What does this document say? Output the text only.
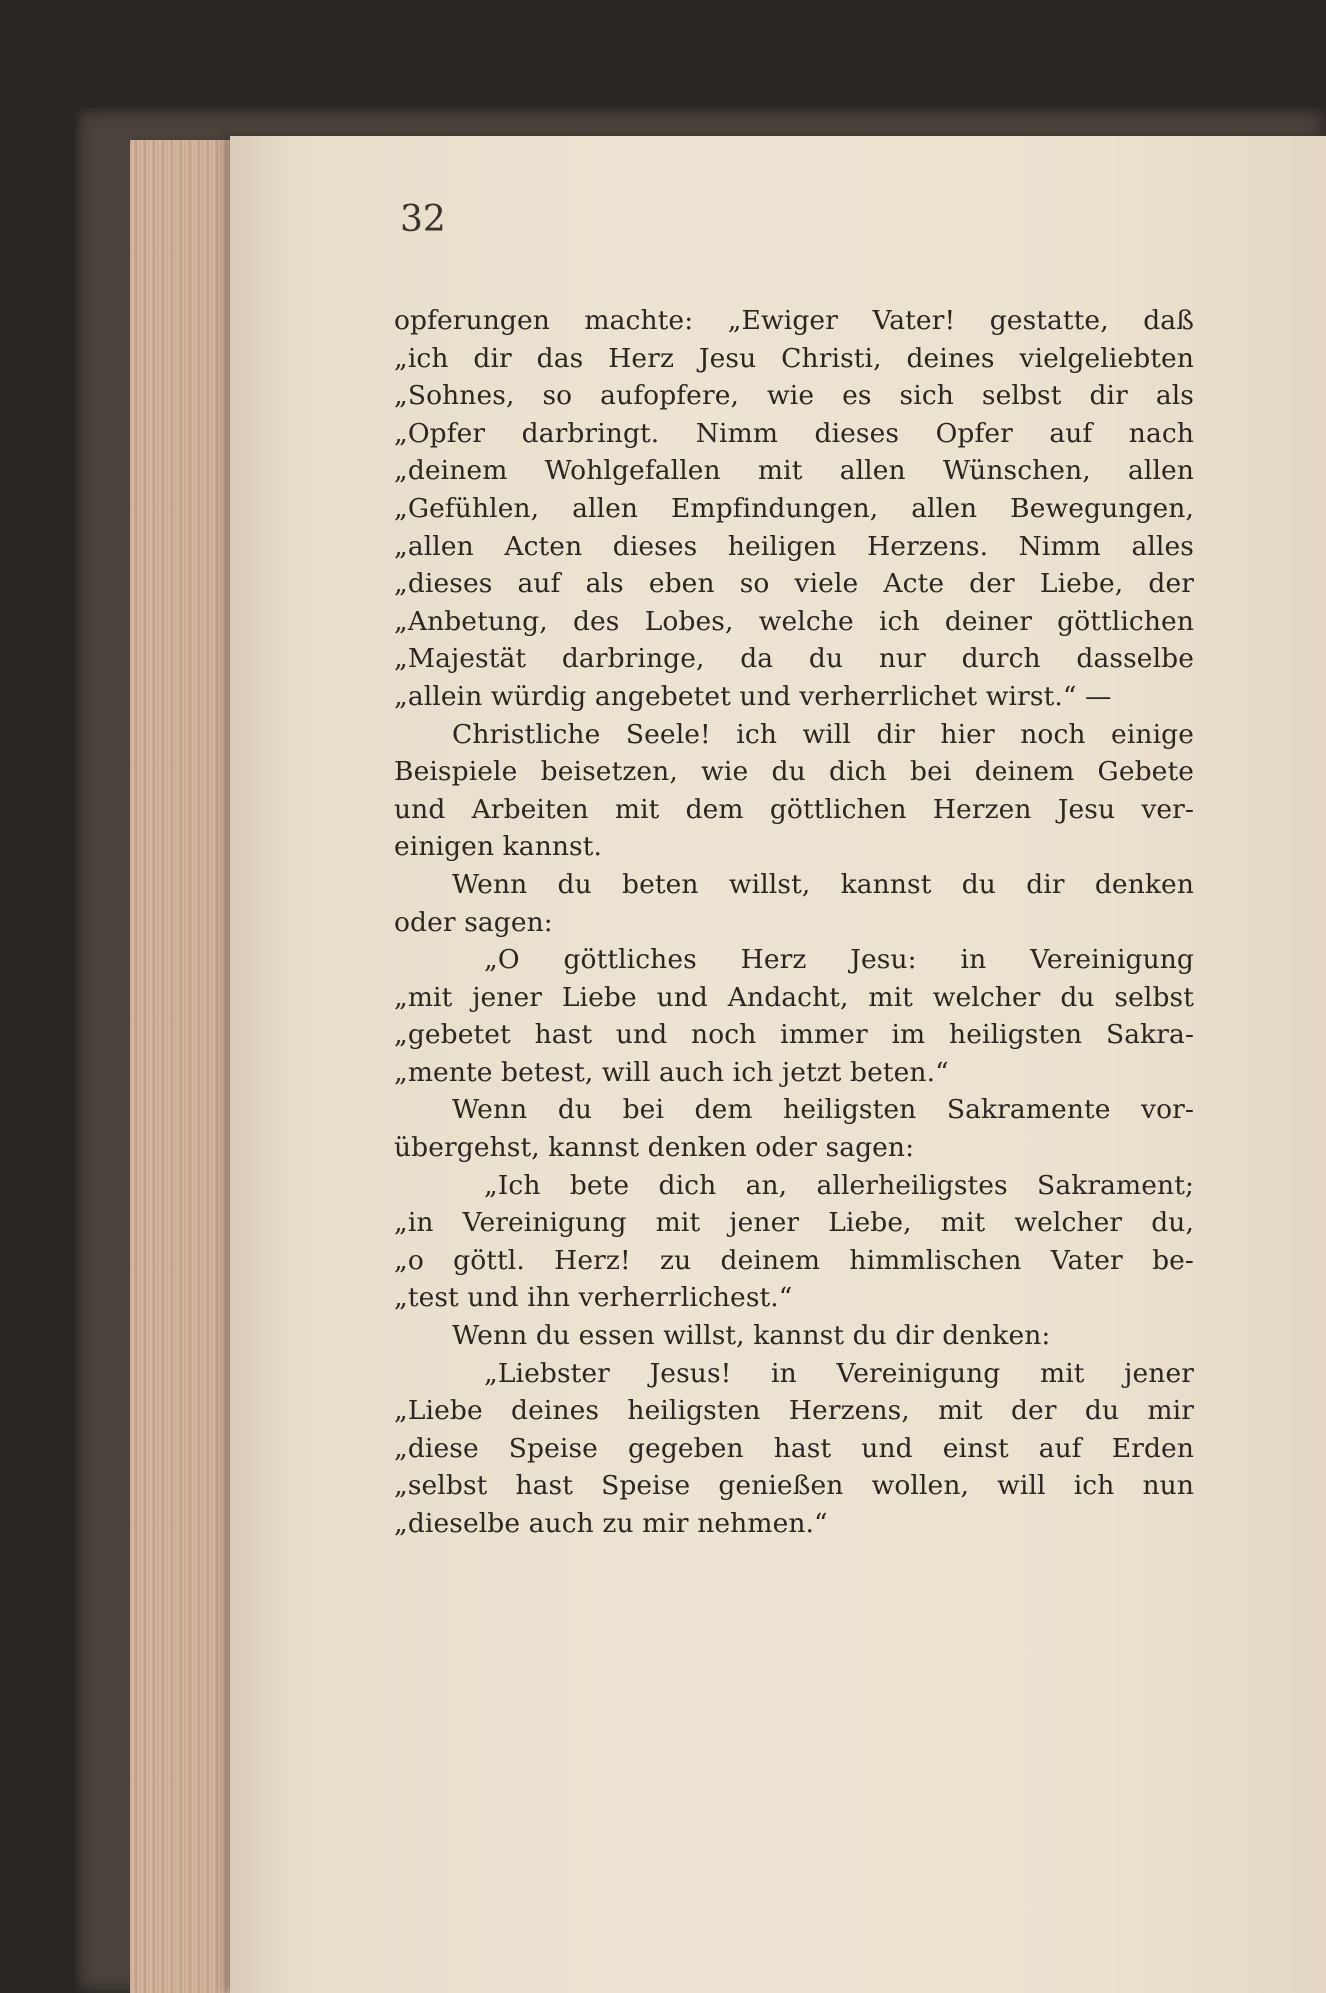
32
opferungen machte: „Ewiger Vater! gestatte, daß
„ich dir das Herz Jesu Christi, deines vielgeliebten
„Sohnes, so aufopfere, wie es sich selbst dir als
„Opfer darbringt. Nimm dieses Opfer auf nach
„deinem Wohlgefallen mit allen Wünschen, allen
„Gefühlen, allen Empfindungen, allen Bewegungen,
„allen Acten dieses heiligen Herzens. Nimm alles
„dieses auf als eben so viele Acte der Liebe, der
„Anbetung, des Lobes, welche ich deiner göttlichen
„Majestät darbringe, da du nur durch dasselbe
„allein würdig angebetet und verherrlichet wirst.“ —
Christliche Seele! ich will dir hier noch einige
Beispiele beisetzen, wie du dich bei deinem Gebete
und Arbeiten mit dem göttlichen Herzen Jesu ver-
einigen kannst.
Wenn du beten willst, kannst du dir denken
oder sagen:
„O göttliches Herz Jesu: in Vereinigung
„mit jener Liebe und Andacht, mit welcher du selbst
„gebetet hast und noch immer im heiligsten Sakra-
„mente betest, will auch ich jetzt beten.“
Wenn du bei dem heiligsten Sakramente vor-
übergehst, kannst denken oder sagen:
„Ich bete dich an, allerheiligstes Sakrament;
„in Vereinigung mit jener Liebe, mit welcher du,
„o göttl. Herz! zu deinem himmlischen Vater be-
„test und ihn verherrlichest.“
Wenn du essen willst, kannst du dir denken:
„Liebster Jesus! in Vereinigung mit jener
„Liebe deines heiligsten Herzens, mit der du mir
„diese Speise gegeben hast und einst auf Erden
„selbst hast Speise genießen wollen, will ich nun
„dieselbe auch zu mir nehmen.“
